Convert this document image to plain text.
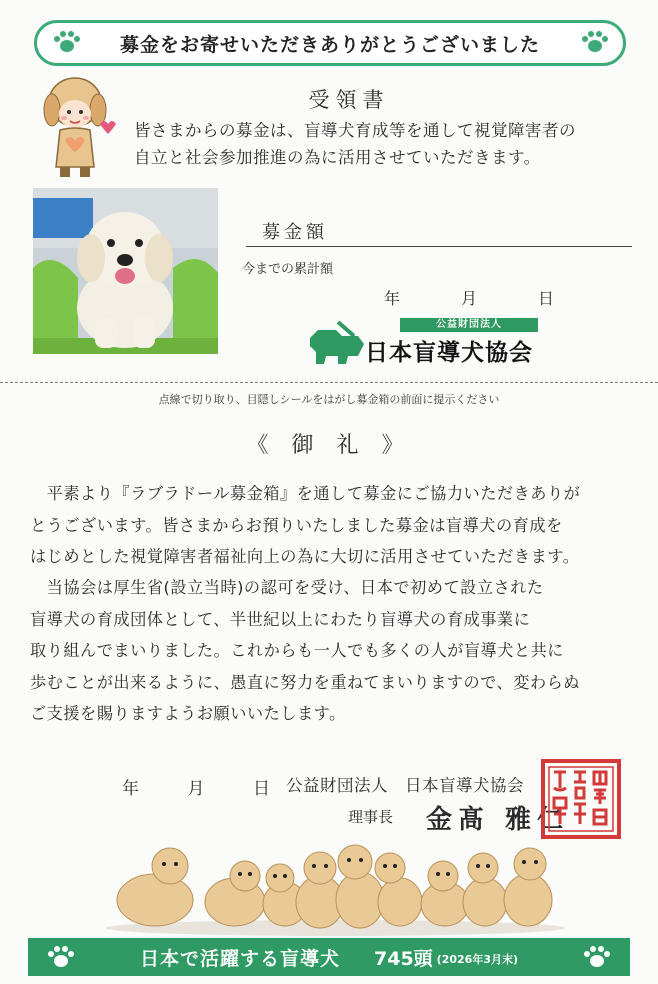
募金をお寄せいただきありがとうございました
受領書
皆さまからの募金は、盲導犬育成等を通して視覚障害者の
自立と社会参加推進の為に活用させていただきます。
募金額
今までの累計額
年	月	日
公益財団法人
日本盲導犬協会
点線で切り取り、目隠しシールをはがし募金箱の前面に提示ください
《 御 礼 》
　平素より『ラブラドール募金箱』を通して募金にご協力いただきありが
とうございます。皆さまからお預りいたしました募金は盲導犬の育成を
はじめとした視覚障害者福祉向上の為に大切に活用させていただきます。
　当協会は厚生省(設立当時)の認可を受け、日本で初めて設立された
盲導犬の育成団体として、半世紀以上にわたり盲導犬の育成事業に
取り組んでまいりました。これからも一人でも多くの人が盲導犬と共に
歩むことが出来るように、愚直に努力を重ねてまいりますので、変わらぬ
ご支援を賜りますようお願いいたします。
年	月	日 公益財団法人　日本盲導犬協会
理事長 金髙 雅仁
日本で活躍する盲導犬 745頭 (2026年3月末)
